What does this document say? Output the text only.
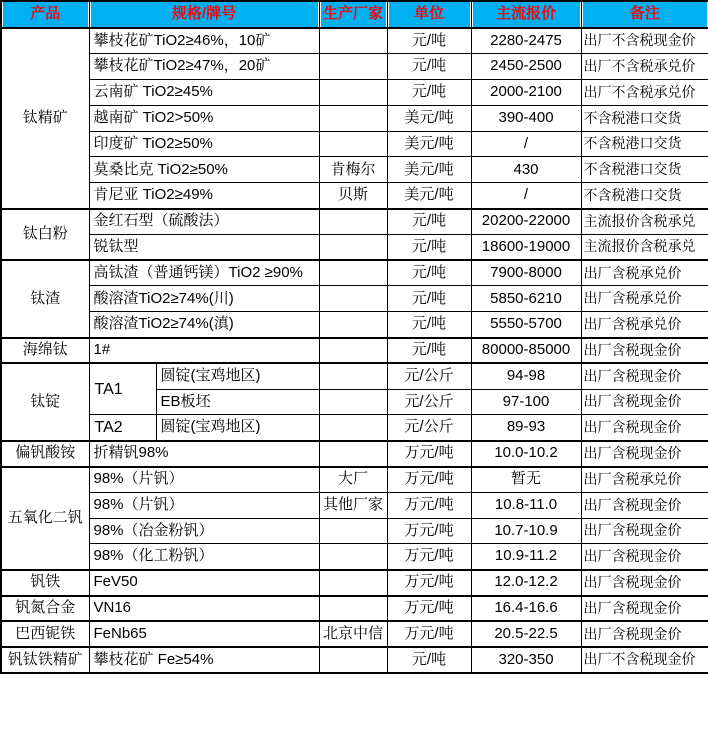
产品	规格/牌号		生产厂家	单位	主流报价	备注
钛精矿	攀枝花矿TiO2≥46%，10矿			元/吨	2280-2475	出厂不含税现金价
	攀枝花矿TiO2≥47%，20矿			元/吨	2450-2500	出厂不含税承兑价
	云南矿 TiO2≥45%			元/吨	2000-2100	出厂不含税承兑价
	越南矿 TiO2>50%			美元/吨	390-400	不含税港口交货
	印度矿 TiO2≥50%			美元/吨	/	不含税港口交货
	莫桑比克 TiO2≥50%		肯梅尔	美元/吨	430	不含税港口交货
	肯尼亚 TiO2≥49%		贝斯	美元/吨	/	不含税港口交货
钛白粉	金红石型（硫酸法）			元/吨	20200-22000	主流报价含税承兑
	锐钛型			元/吨	18600-19000	主流报价含税承兑
钛渣	高钛渣（普通钙镁）TiO2 ≥90%			元/吨	7900-8000	出厂含税承兑价
	酸溶渣TiO2≥74%(川)			元/吨	5850-6210	出厂含税承兑价
	酸溶渣TiO2≥74%(滇)			元/吨	5550-5700	出厂含税承兑价
海绵钛	1#			元/吨	80000-85000	出厂含税现金价
钛锭	TA1	圆锭(宝鸡地区)		元/公斤	94-98	出厂含税现金价
		EB板坯		元/公斤	97-100	出厂含税现金价
	TA2	圆锭(宝鸡地区)		元/公斤	89-93	出厂含税现金价
偏钒酸铵	折精钒98%			万元/吨	10.0-10.2	出厂含税现金价
五氧化二钒	98%（片钒）		大厂	万元/吨	暂无	出厂含税承兑价
	98%（片钒）		其他厂家	万元/吨	10.8-11.0	出厂含税现金价
	98%（冶金粉钒）			万元/吨	10.7-10.9	出厂含税现金价
	98%（化工粉钒）			万元/吨	10.9-11.2	出厂含税现金价
钒铁	FeV50			万元/吨	12.0-12.2	出厂含税现金价
钒氮合金	VN16			万元/吨	16.4-16.6	出厂含税现金价
巴西铌铁	FeNb65		北京中信	万元/吨	20.5-22.5	出厂含税现金价
钒钛铁精矿	攀枝花矿 Fe≥54%			元/吨	320-350	出厂不含税现金价
